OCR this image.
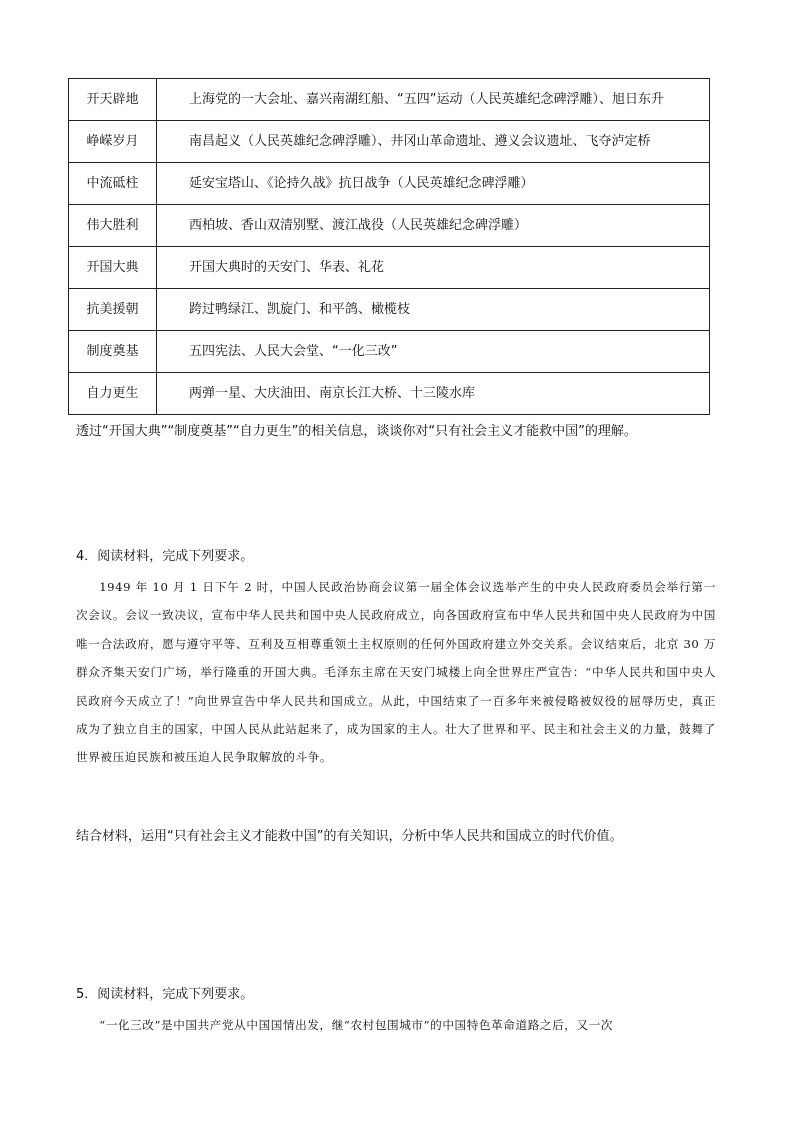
开天辟地	上海党的一大会址、嘉兴南湖红船、“五四”运动（人民英雄纪念碑浮雕）、旭日东升
峥嵘岁月	南昌起义（人民英雄纪念碑浮雕）、井冈山革命遗址、遵义会议遗址、飞夺泸定桥
中流砥柱	延安宝塔山、《论持久战》抗日战争（人民英雄纪念碑浮雕）
伟大胜利	西柏坡、香山双清别墅、渡江战役（人民英雄纪念碑浮雕）
开国大典	开国大典时的天安门、华表、礼花
抗美援朝	跨过鸭绿江、凯旋门、和平鸽、橄榄枝
制度奠基	五四宪法、人民大会堂、“一化三改”
自力更生	两弹一星、大庆油田、南京长江大桥、十三陵水库
透过“开国大典”“制度奠基”“自力更生”的相关信息，谈谈你对“只有社会主义才能救中国”的理解。
4．阅读材料，完成下列要求。
1949 年 10 月 1 日下午 2 时，中国人民政治协商会议第一届全体会议选举产生的中央人民政府委员会举行第一次会议。会议一致决议，宣布中华人民共和国中央人民政府成立，向各国政府宣布中华人民共和国中央人民政府为中国唯一合法政府，愿与遵守平等、互利及互相尊重领土主权原则的任何外国政府建立外交关系。会议结束后，北京 30 万群众齐集天安门广场，举行隆重的开国大典。毛泽东主席在天安门城楼上向全世界庄严宣告：“中华人民共和国中央人民政府今天成立了！”向世界宣告中华人民共和国成立。从此，中国结束了一百多年来被侵略被奴役的屈辱历史，真正成为了独立自主的国家，中国人民从此站起来了，成为国家的主人。壮大了世界和平、民主和社会主义的力量，鼓舞了世界被压迫民族和被压迫人民争取解放的斗争。
结合材料，运用“只有社会主义才能救中国”的有关知识，分析中华人民共和国成立的时代价值。
5．阅读材料，完成下列要求。
“一化三改”是中国共产党从中国国情出发，继“农村包围城市”的中国特色革命道路之后，又一次
